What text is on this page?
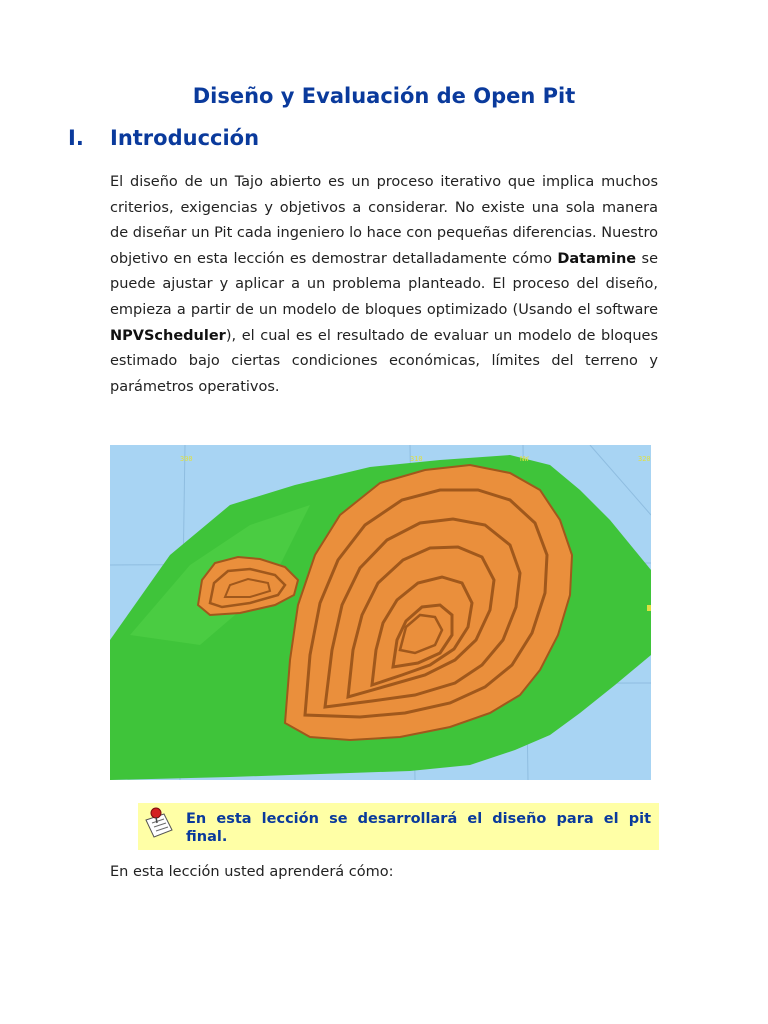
Diseño y Evaluación de Open Pit
I. Introducción

El diseño de un Tajo abierto es un proceso iterativo que implica muchos criterios, exigencias y objetivos a considerar. No existe una sola manera de diseñar un Pit cada ingeniero lo hace con pequeñas diferencias. Nuestro objetivo en esta lección es demostrar detalladamente cómo Datamine se puede ajustar y aplicar a un problema planteado. El proceso del diseño, empieza a partir de un modelo de bloques optimizado (Usando el software NPVScheduler), el cual es el resultado de evaluar un modelo de bloques estimado bajo ciertas condiciones económicas, límites del terreno y parámetros operativos.

300	310	NW	320

En esta lección se desarrollará el diseño para el pit final.

En esta lección usted aprenderá cómo:
